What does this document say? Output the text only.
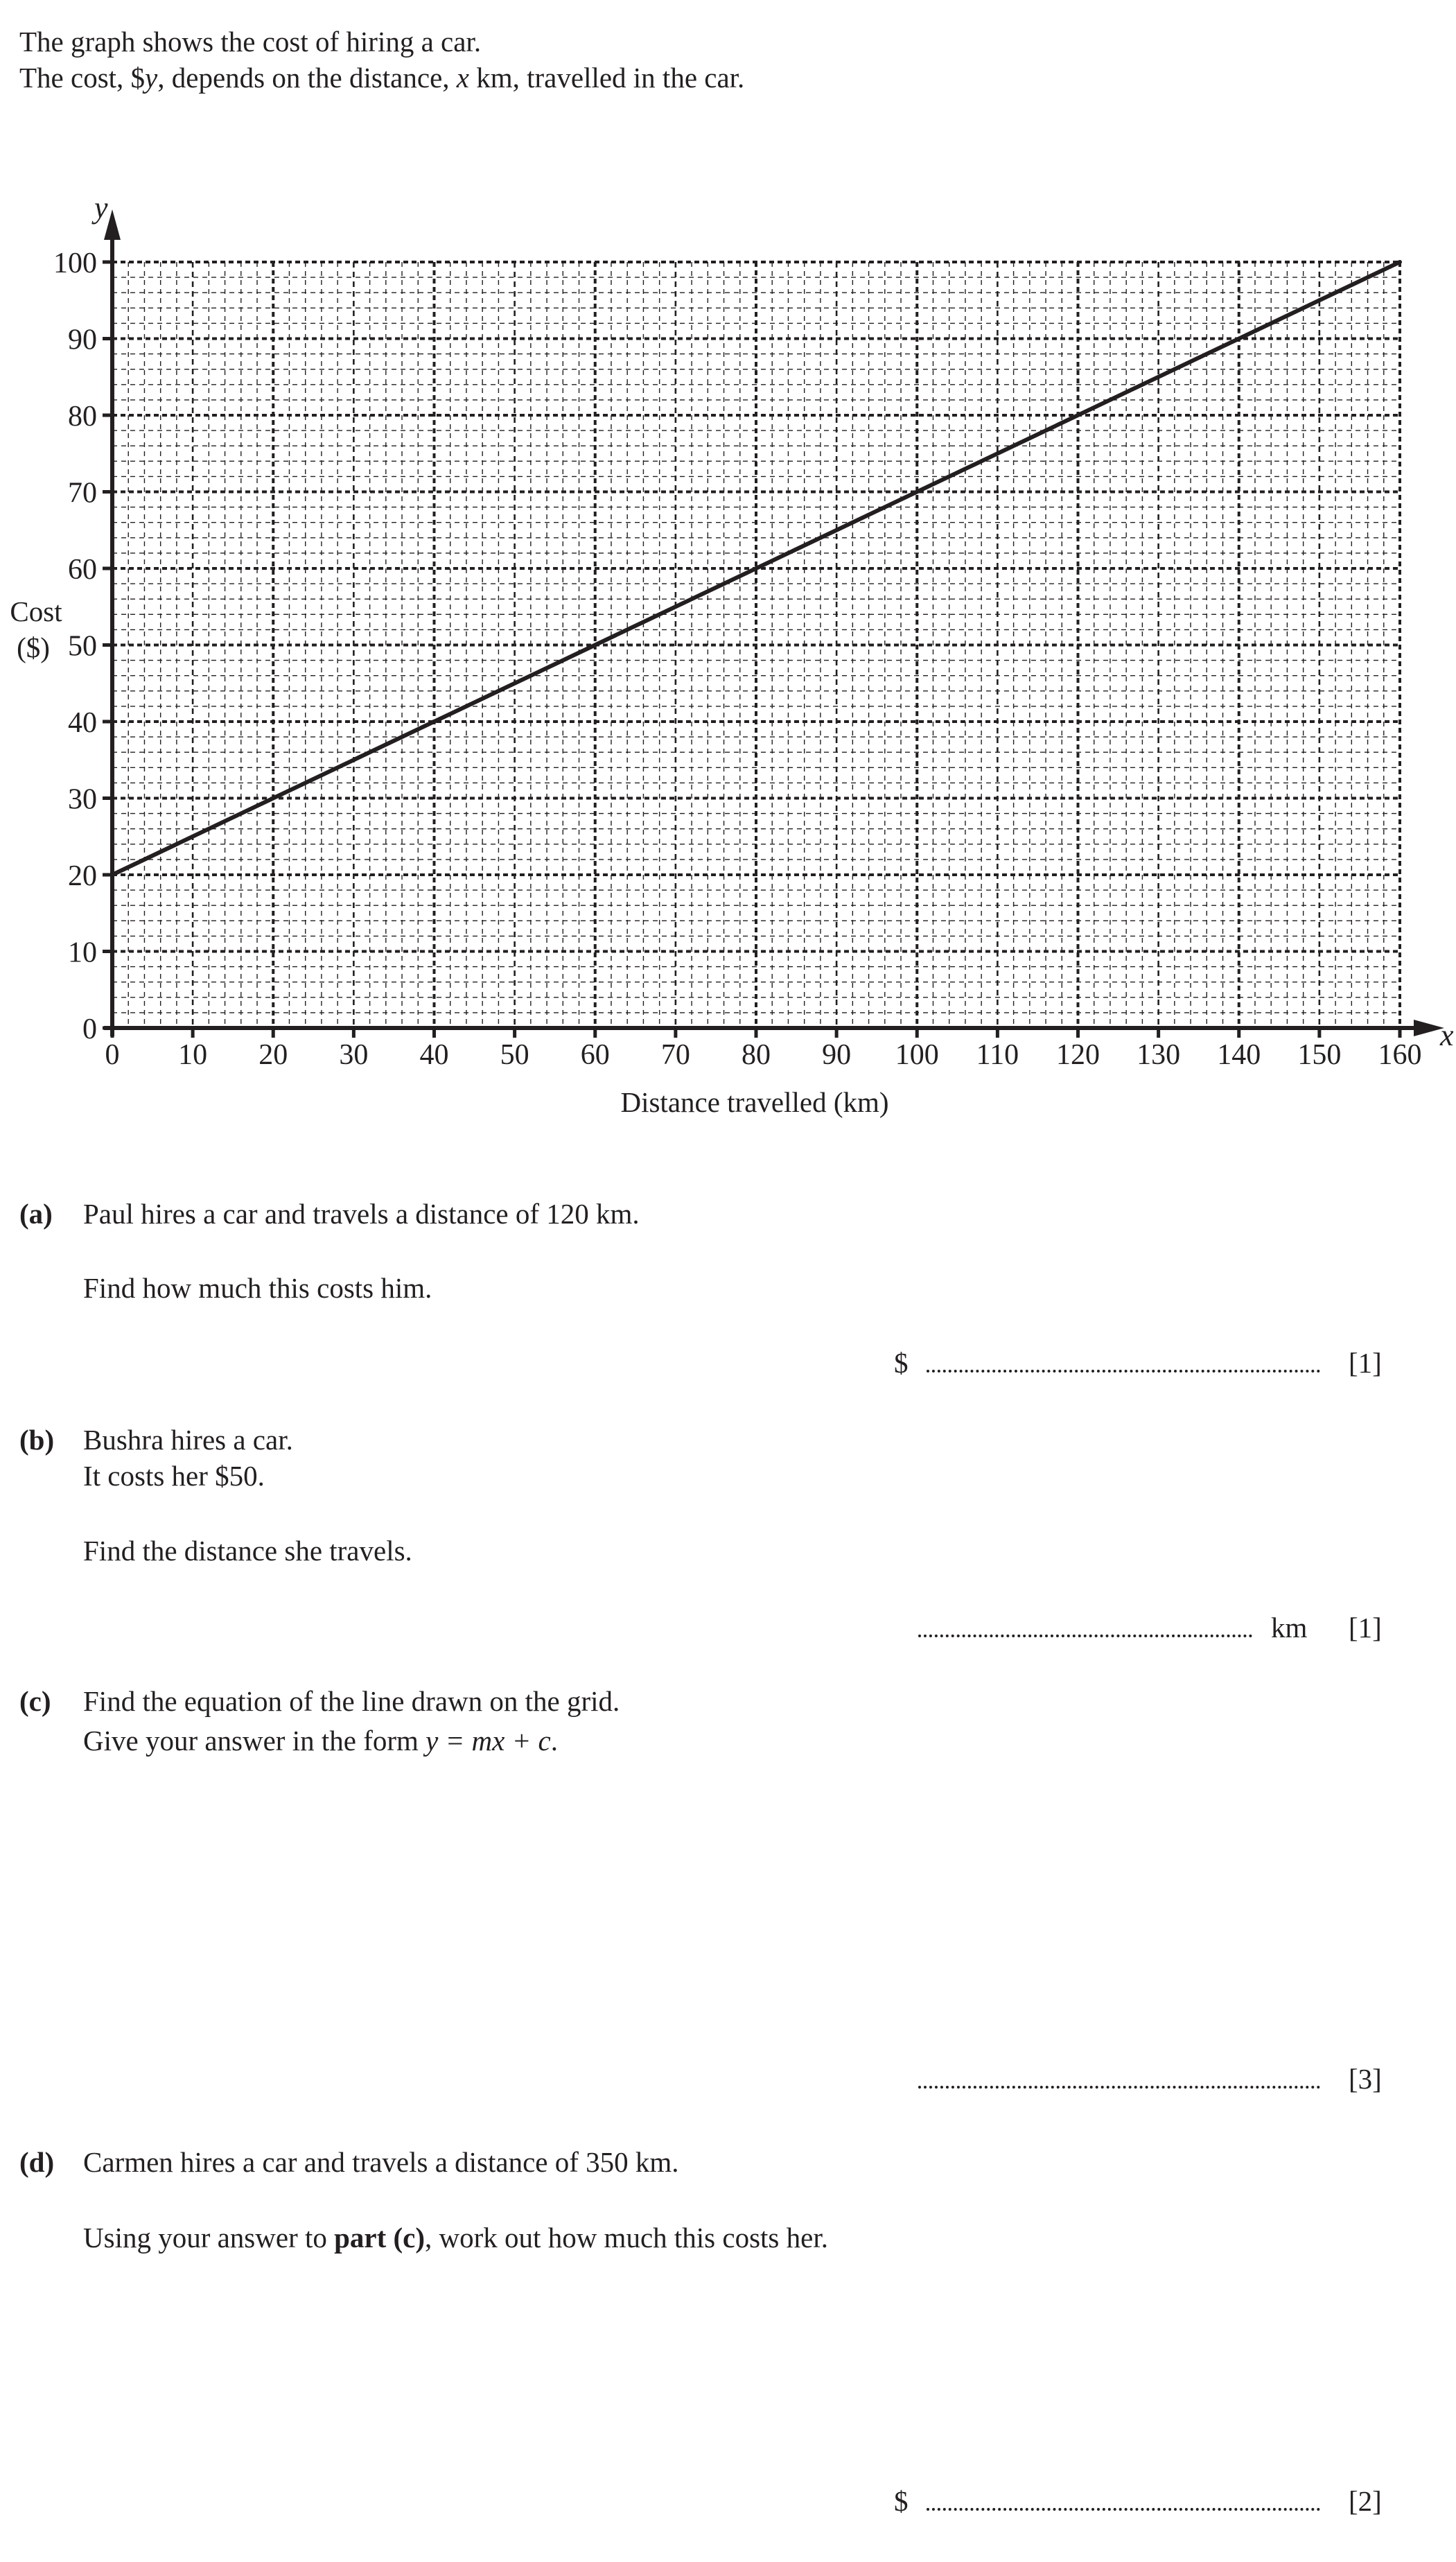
The graph shows the cost of hiring a car.
The cost, $y, depends on the distance, x km, travelled in the car.
0 10 20 30 40 50 60 70 80 90 100 110 120 130 140 150 160
0
10
20
30
40
50
60
70
80
90
100
x
y
Cost
($)
Distance travelled (km)
(a) Paul hires a car and travels a distance of 120 km.
Find how much this costs him.
$	[1]
(b) Bushra hires a car.
It costs her $50.
Find the distance she travels.
km [1]
(c) Find the equation of the line drawn on the grid.
Give your answer in the form y = mx + c.
[3]
(d) Carmen hires a car and travels a distance of 350 km.
Using your answer to part (c), work out how much this costs her.
$	[2]
